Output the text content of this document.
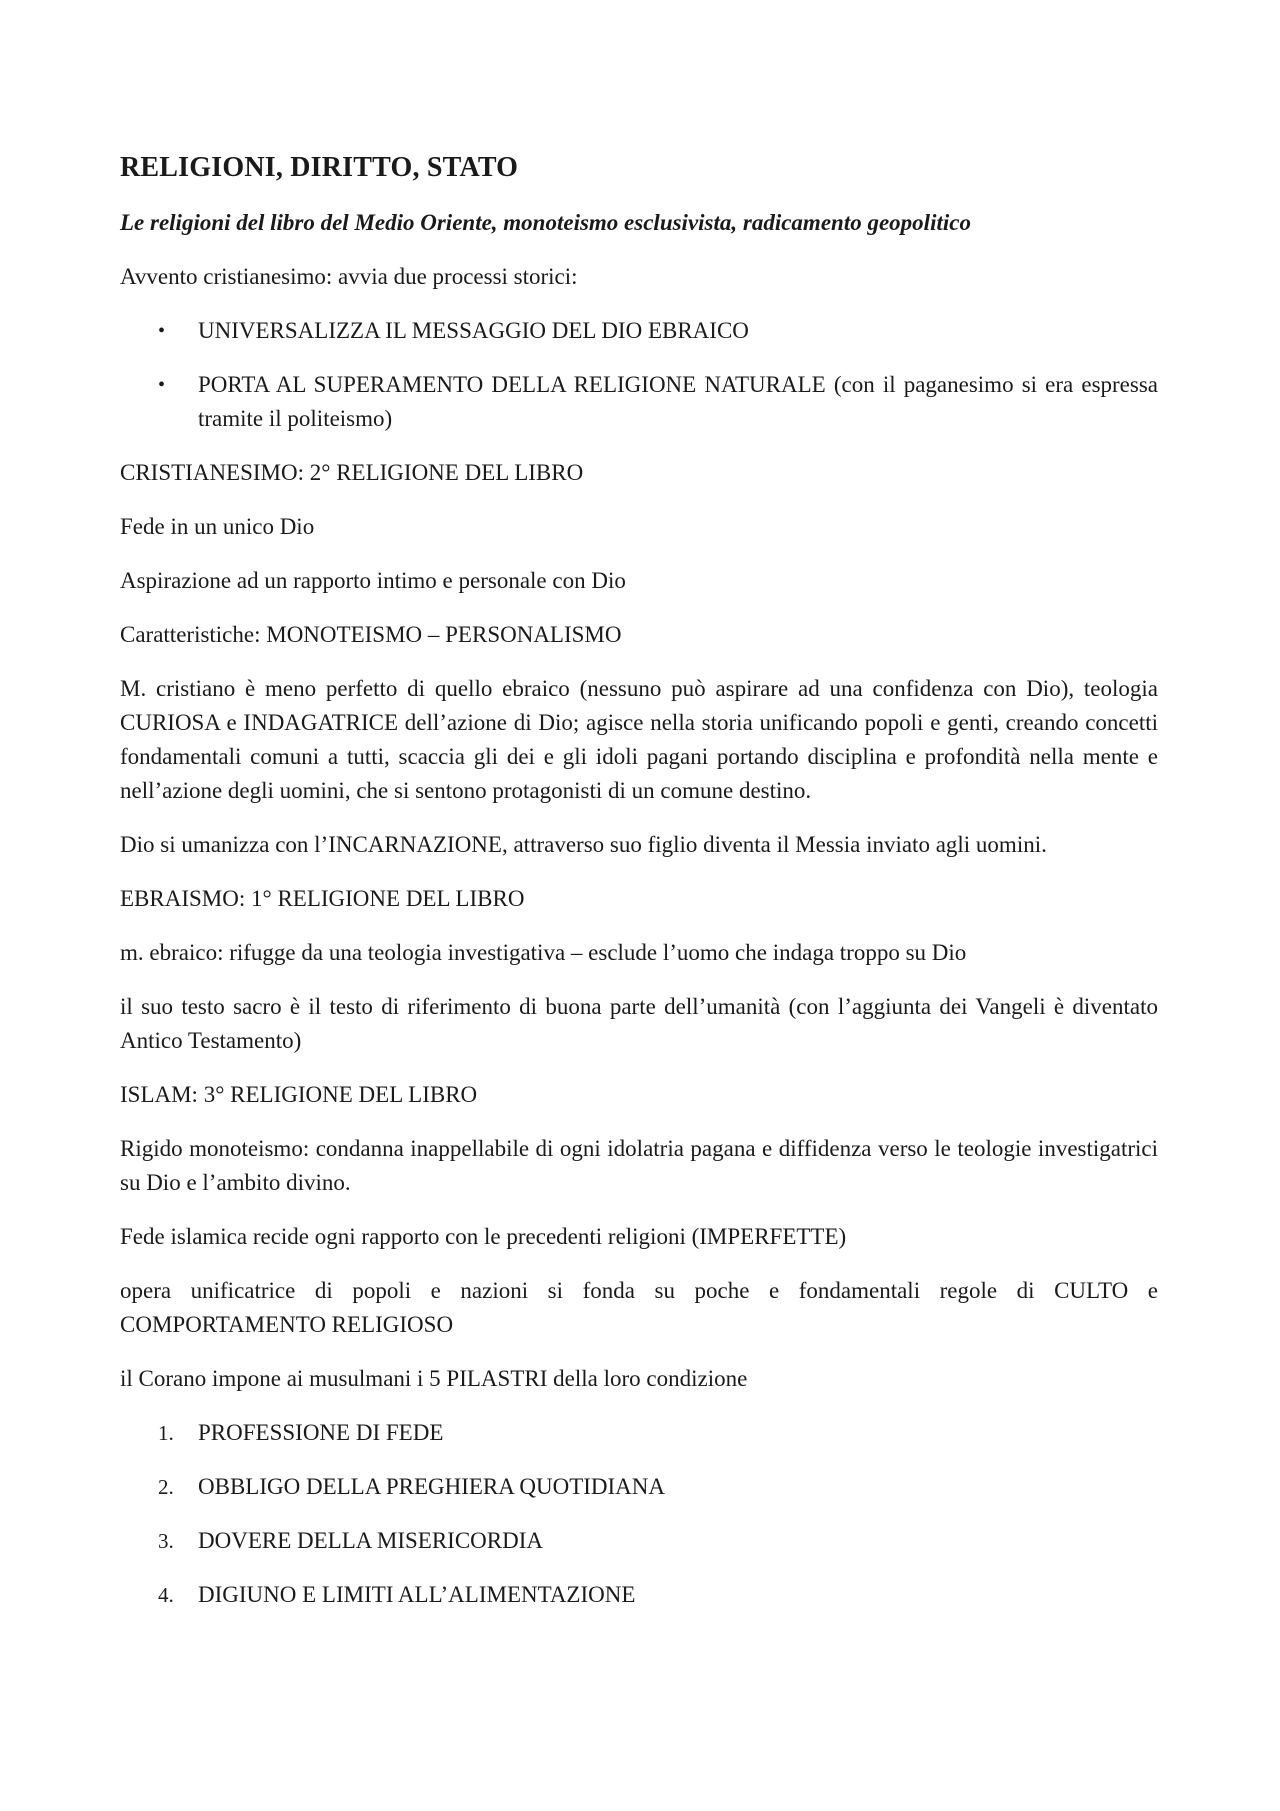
RELIGIONI, DIRITTO, STATO

Le religioni del libro del Medio Oriente, monoteismo esclusivista, radicamento geopolitico

Avvento cristianesimo: avvia due processi storici:

• UNIVERSALIZZA IL MESSAGGIO DEL DIO EBRAICO
• PORTA AL SUPERAMENTO DELLA RELIGIONE NATURALE (con il paganesimo si era espressa tramite il politeismo)

CRISTIANESIMO: 2° RELIGIONE DEL LIBRO

Fede in un unico Dio

Aspirazione ad un rapporto intimo e personale con Dio

Caratteristiche: MONOTEISMO – PERSONALISMO

M. cristiano è meno perfetto di quello ebraico (nessuno può aspirare ad una confidenza con Dio), teologia CURIOSA e INDAGATRICE dell’azione di Dio; agisce nella storia unificando popoli e genti, creando concetti fondamentali comuni a tutti, scaccia gli dei e gli idoli pagani portando disciplina e profondità nella mente e nell’azione degli uomini, che si sentono protagonisti di un comune destino.

Dio si umanizza con l’INCARNAZIONE, attraverso suo figlio diventa il Messia inviato agli uomini.

EBRAISMO: 1° RELIGIONE DEL LIBRO

m. ebraico: rifugge da una teologia investigativa – esclude l’uomo che indaga troppo su Dio

il suo testo sacro è il testo di riferimento di buona parte dell’umanità (con l’aggiunta dei Vangeli è diventato Antico Testamento)

ISLAM: 3° RELIGIONE DEL LIBRO

Rigido monoteismo: condanna inappellabile di ogni idolatria pagana e diffidenza verso le teologie investigatrici su Dio e l’ambito divino.

Fede islamica recide ogni rapporto con le precedenti religioni (IMPERFETTE)

opera unificatrice di popoli e nazioni si fonda su poche e fondamentali regole di CULTO e COMPORTAMENTO RELIGIOSO

il Corano impone ai musulmani i 5 PILASTRI della loro condizione

1. PROFESSIONE DI FEDE
2. OBBLIGO DELLA PREGHIERA QUOTIDIANA
3. DOVERE DELLA MISERICORDIA
4. DIGIUNO E LIMITI ALL’ALIMENTAZIONE
